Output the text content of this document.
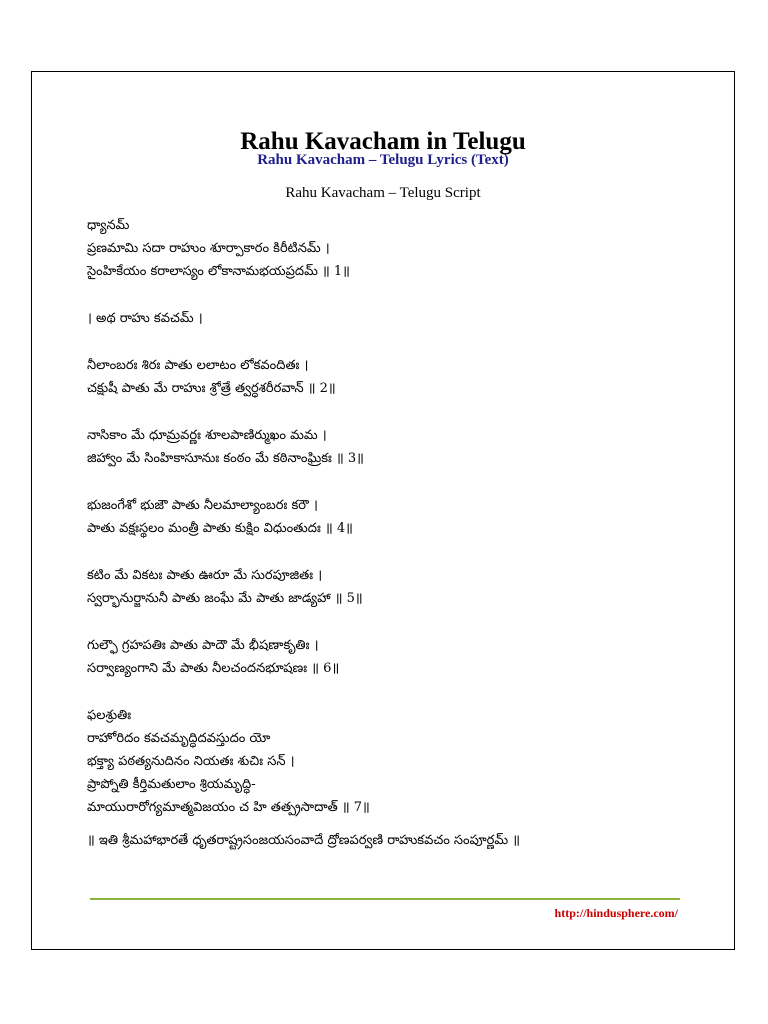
Rahu Kavacham in Telugu
Rahu Kavacham – Telugu Lyrics (Text)
Rahu Kavacham – Telugu Script
ధ్యానమ్
ప్రణమామి సదా రాహుం శూర్పాకారం కిరీటినమ్ ।
సైంహికేయం కరాలాస్యం లోకానామభయప్రదమ్ ॥ 1॥
। అథ రాహు కవచమ్ ।
నీలాంబరః శిరః పాతు లలాటం లోకవందితః ।
చక్షుషీ పాతు మే రాహుః శ్రోత్రే త్వర్ధశరీరవాన్ ॥ 2॥
నాసికాం మే ధూమ్రవర్ణః శూలపాణిర్ముఖం మమ ।
జిహ్వాం మే సింహికాసూనుః కంఠం మే కఠినాంఘ్రికః ॥ 3॥
భుజంగేశో భుజౌ పాతు నీలమాల్యాంబరః కరౌ ।
పాతు వక్షఃస్థలం మంత్రీ పాతు కుక్షిం విధుంతుదః ॥ 4॥
కటిం మే వికటః పాతు ఊరూ మే సురపూజితః ।
స్వర్భానుర్జానునీ పాతు జంఘే మే పాతు జాడ్యహా ॥ 5॥
గుల్ఫౌ గ్రహపతిః పాతు పాదౌ మే భీషణాకృతిః ।
సర్వాణ్యంగాని మే పాతు నీలచందనభూషణః ॥ 6॥
ఫలశ్రుతిః
రాహోరిదం కవచమృద్ధిదవస్తుదం యో
భక్త్యా పఠత్యనుదినం నియతః శుచిః సన్ ।
ప్రాప్నోతి కీర్తిమతులాం శ్రియమృద్ధి-
మాయురారోగ్యమాత్మవిజయం చ హి తత్ప్రసాదాత్ ॥ 7॥
॥ ఇతి శ్రీమహాభారతే ధృతరాష్ట్రసంజయసంవాదే ద్రోణపర్వణి రాహుకవచం సంపూర్ణమ్ ॥
http://hindusphere.com/
